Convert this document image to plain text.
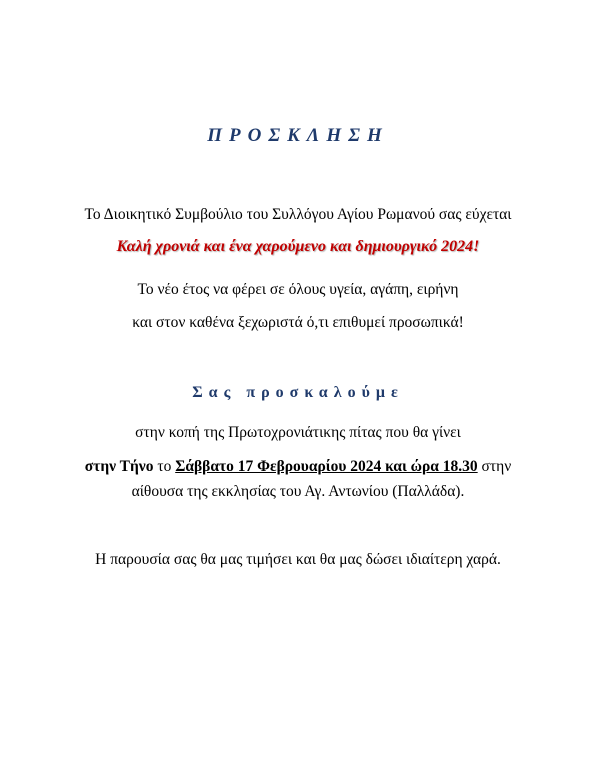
ΠΡΟΣΚΛΗΣΗ
Το Διοικητικό Συμβούλιο του Συλλόγου Αγίου Ρωμανού σας εύχεται
Καλή χρονιά και ένα χαρούμενο και δημιουργικό 2024!
Το νέο έτος να φέρει σε όλους υγεία, αγάπη, ειρήνη
και στον καθένα ξεχωριστά ό,τι επιθυμεί προσωπικά!
Σας προσκαλούμε
στην κοπή της Πρωτοχρονιάτικης πίτας που θα γίνει
στην Τήνο το Σάββατο 17 Φεβρουαρίου 2024 και ώρα 18.30 στην
αίθουσα της εκκλησίας του Αγ. Αντωνίου (Παλλάδα).
Η παρουσία σας θα μας τιμήσει και θα μας δώσει ιδιαίτερη χαρά.
